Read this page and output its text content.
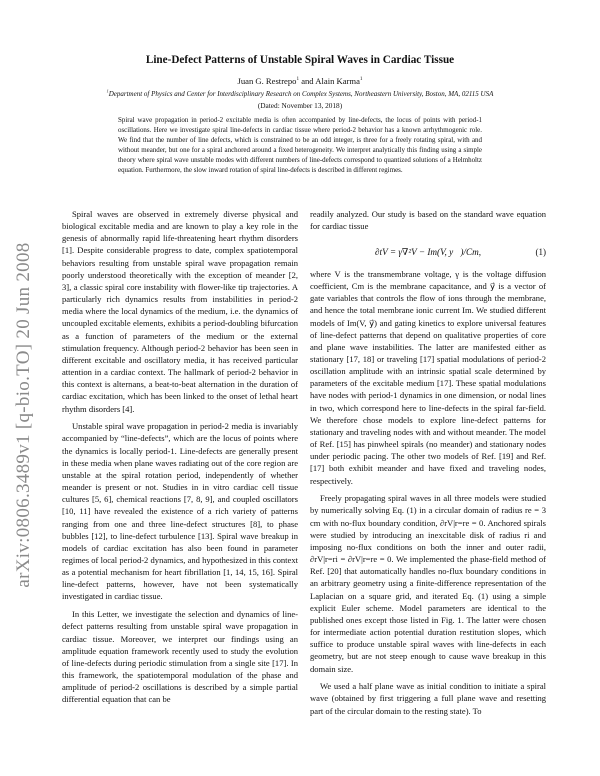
arXiv:0806.3489v1 [q-bio.TO] 20 Jun 2008
Line-Defect Patterns of Unstable Spiral Waves in Cardiac Tissue
Juan G. Restrepo$^1$ and Alain Karma$^1$
$^1$Department of Physics and Center for Interdisciplinary Research on Complex Systems, Northeastern University, Boston, MA, 02115 USA
(Dated: November 13, 2018)
Spiral wave propagation in period-2 excitable media is often accompanied by line-defects, the locus of points with period-1 oscillations. Here we investigate spiral line-defects in cardiac tissue where period-2 behavior has a known arrhythmogenic role. We find that the number of line defects, which is constrained to be an odd integer, is three for a freely rotating spiral, with and without meander, but one for a spiral anchored around a fixed heterogeneity. We interpret analytically this finding using a simple theory where spiral wave unstable modes with different numbers of line-defects correspond to quantized solutions of a Helmholtz equation. Furthermore, the slow inward rotation of spiral line-defects is described in different regimes.

Spiral waves are observed in extremely diverse physical and biological excitable media and are known to play a key role in the genesis of abnormally rapid life-threatening heart rhythm disorders [1]. Despite considerable progress to date, complex spatiotemporal behaviors resulting from unstable spiral wave propagation remain poorly understood theoretically with the exception of meander [2, 3], a classic spiral core instability with flower-like tip trajectories. A particularly rich dynamics results from instabilities in period-2 media where the local dynamics of the medium, i.e. the dynamics of uncoupled excitable elements, exhibits a period-doubling bifurcation as a function of parameters of the medium or the external stimulation frequency. Although period-2 behavior has been seen in different excitable and oscillatory media, it has received particular attention in a cardiac context. The hallmark of period-2 behavior in this context is alternans, a beat-to-beat alternation in the duration of cardiac excitation, which has been linked to the onset of lethal heart rhythm disorders [4].

Unstable spiral wave propagation in period-2 media is invariably accompanied by “line-defects”, which are the locus of points where the dynamics is locally period-1. Line-defects are generally present in these media when plane waves radiating out of the core region are unstable at the spiral rotation period, independently of whether meander is present or not. Studies in in vitro cardiac cell tissue cultures [5, 6], chemical reactions [7, 8, 9], and coupled oscillators [10, 11] have revealed the existence of a rich variety of patterns ranging from one and three line-defect structures [8], to phase bubbles [12], to line-defect turbulence [13]. Spiral wave breakup in models of cardiac excitation has also been found in parameter regimes of local period-2 dynamics, and hypothesized in this context as a potential mechanism for heart fibrillation [1, 14, 15, 16]. Spiral line-defect patterns, however, have not been systematically investigated in cardiac tissue.

In this Letter, we investigate the selection and dynamics of line-defect patterns resulting from unstable spiral wave propagation in cardiac tissue. Moreover, we interpret our findings using an amplitude equation framework recently used to study the evolution of line-defects during periodic stimulation from a single site [17]. In this framework, the spatiotemporal modulation of the phase and amplitude of period-2 oscillations is described by a simple partial differential equation that can be

readily analyzed. Our study is based on the standard wave equation for cardiac tissue

∂tV = γ∇²V − Im(V, y⃗)/Cm,	(1)

where V is the transmembrane voltage, γ is the voltage diffusion coefficient, Cm is the membrane capacitance, and y⃗ is a vector of gate variables that controls the flow of ions through the membrane, and hence the total membrane ionic current Im. We studied different models of Im(V, y⃗) and gating kinetics to explore universal features of line-defect patterns that depend on qualitative properties of core and plane wave instabilities. The latter are manifested either as stationary [17, 18] or traveling [17] spatial modulations of period-2 oscillation amplitude with an intrinsic spatial scale determined by parameters of the excitable medium [17]. These spatial modulations have nodes with period-1 dynamics in one dimension, or nodal lines in two, which correspond here to line-defects in the spiral far-field. We therefore chose models to explore line-defect patterns for stationary and traveling nodes with and without meander. The model of Ref. [15] has pinwheel spirals (no meander) and stationary nodes under periodic pacing. The other two models of Ref. [19] and Ref. [17] both exhibit meander and have fixed and traveling nodes, respectively.

Freely propagating spiral waves in all three models were studied by numerically solving Eq. (1) in a circular domain of radius re = 3 cm with no-flux boundary condition, ∂rV|r=re = 0. Anchored spirals were studied by introducing an inexcitable disk of radius ri and imposing no-flux conditions on both the inner and outer radii, ∂rV|r=ri = ∂rV|r=re = 0. We implemented the phase-field method of Ref. [20] that automatically handles no-flux boundary conditions in an arbitrary geometry using a finite-difference representation of the Laplacian on a square grid, and iterated Eq. (1) using a simple explicit Euler scheme. Model parameters are identical to the published ones except those listed in Fig. 1. The latter were chosen for intermediate action potential duration restitution slopes, which suffice to produce unstable spiral waves with line-defects in each geometry, but are not steep enough to cause wave breakup in this domain size.

We used a half plane wave as initial condition to initiate a spiral wave (obtained by first triggering a full plane wave and resetting part of the circular domain to the resting state). To
